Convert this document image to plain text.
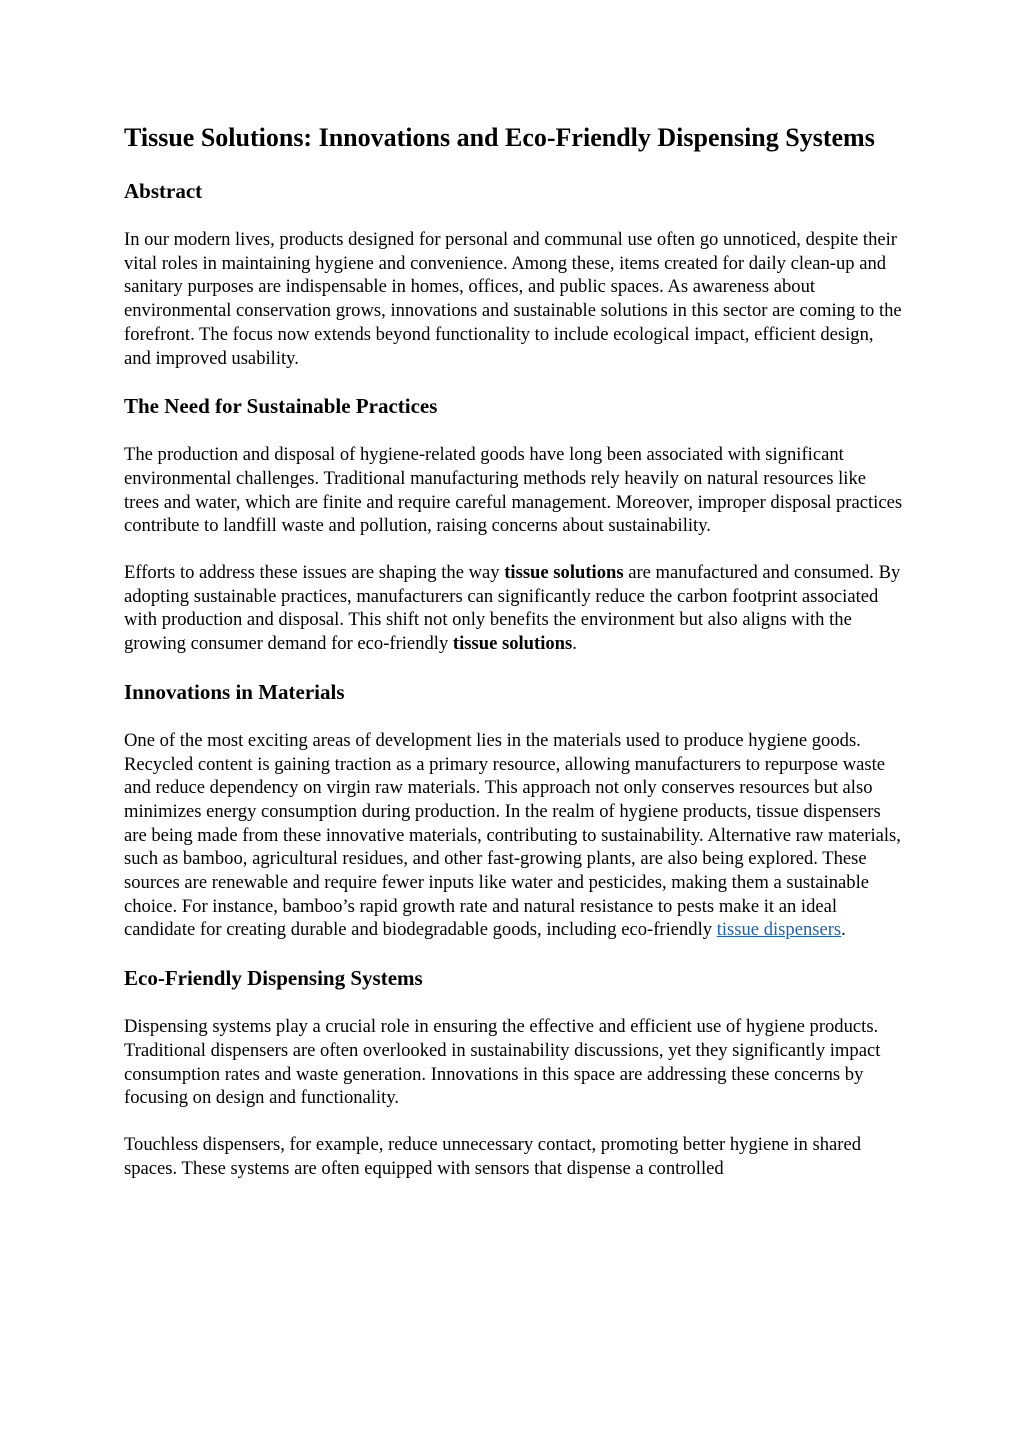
Tissue Solutions: Innovations and Eco-Friendly Dispensing Systems
Abstract

In our modern lives, products designed for personal and communal use often go unnoticed, despite their vital roles in maintaining hygiene and convenience. Among these, items created for daily clean-up and sanitary purposes are indispensable in homes, offices, and public spaces. As awareness about environmental conservation grows, innovations and sustainable solutions in this sector are coming to the forefront. The focus now extends beyond functionality to include ecological impact, efficient design, and improved usability.

The Need for Sustainable Practices

The production and disposal of hygiene-related goods have long been associated with significant environmental challenges. Traditional manufacturing methods rely heavily on natural resources like trees and water, which are finite and require careful management. Moreover, improper disposal practices contribute to landfill waste and pollution, raising concerns about sustainability.

Efforts to address these issues are shaping the way tissue solutions are manufactured and consumed. By adopting sustainable practices, manufacturers can significantly reduce the carbon footprint associated with production and disposal. This shift not only benefits the environment but also aligns with the growing consumer demand for eco-friendly tissue solutions.

Innovations in Materials

One of the most exciting areas of development lies in the materials used to produce hygiene goods. Recycled content is gaining traction as a primary resource, allowing manufacturers to repurpose waste and reduce dependency on virgin raw materials. This approach not only conserves resources but also minimizes energy consumption during production. In the realm of hygiene products, tissue dispensers are being made from these innovative materials, contributing to sustainability. Alternative raw materials, such as bamboo, agricultural residues, and other fast-growing plants, are also being explored. These sources are renewable and require fewer inputs like water and pesticides, making them a sustainable choice. For instance, bamboo’s rapid growth rate and natural resistance to pests make it an ideal candidate for creating durable and biodegradable goods, including eco-friendly tissue dispensers.

Eco-Friendly Dispensing Systems

Dispensing systems play a crucial role in ensuring the effective and efficient use of hygiene products. Traditional dispensers are often overlooked in sustainability discussions, yet they significantly impact consumption rates and waste generation. Innovations in this space are addressing these concerns by focusing on design and functionality.

Touchless dispensers, for example, reduce unnecessary contact, promoting better hygiene in shared spaces. These systems are often equipped with sensors that dispense a controlled
